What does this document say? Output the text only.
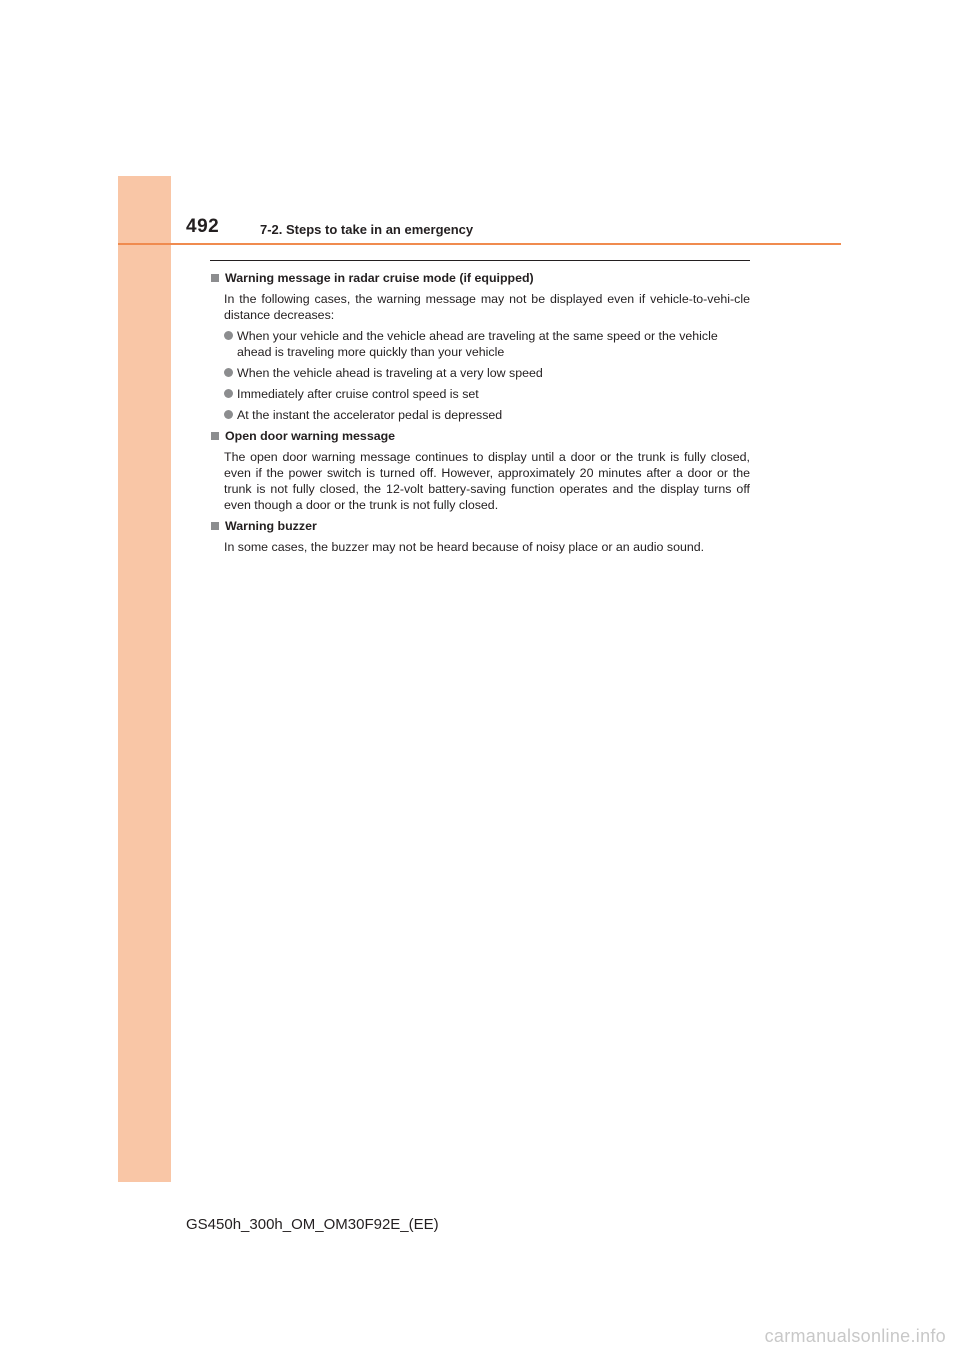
492	7-2. Steps to take in an emergency
Warning message in radar cruise mode (if equipped)
In the following cases, the warning message may not be displayed even if vehicle-to-vehi-cle distance decreases:
When your vehicle and the vehicle ahead are traveling at the same speed or the vehicle ahead is traveling more quickly than your vehicle
When the vehicle ahead is traveling at a very low speed
Immediately after cruise control speed is set
At the instant the accelerator pedal is depressed
Open door warning message
The open door warning message continues to display until a door or the trunk is fully closed, even if the power switch is turned off. However, approximately 20 minutes after a door or the trunk is not fully closed, the 12-volt battery-saving function operates and the display turns off even though a door or the trunk is not fully closed.
Warning buzzer
In some cases, the buzzer may not be heard because of noisy place or an audio sound.
GS450h_300h_OM_OM30F92E_(EE)
carmanualsonline.info
